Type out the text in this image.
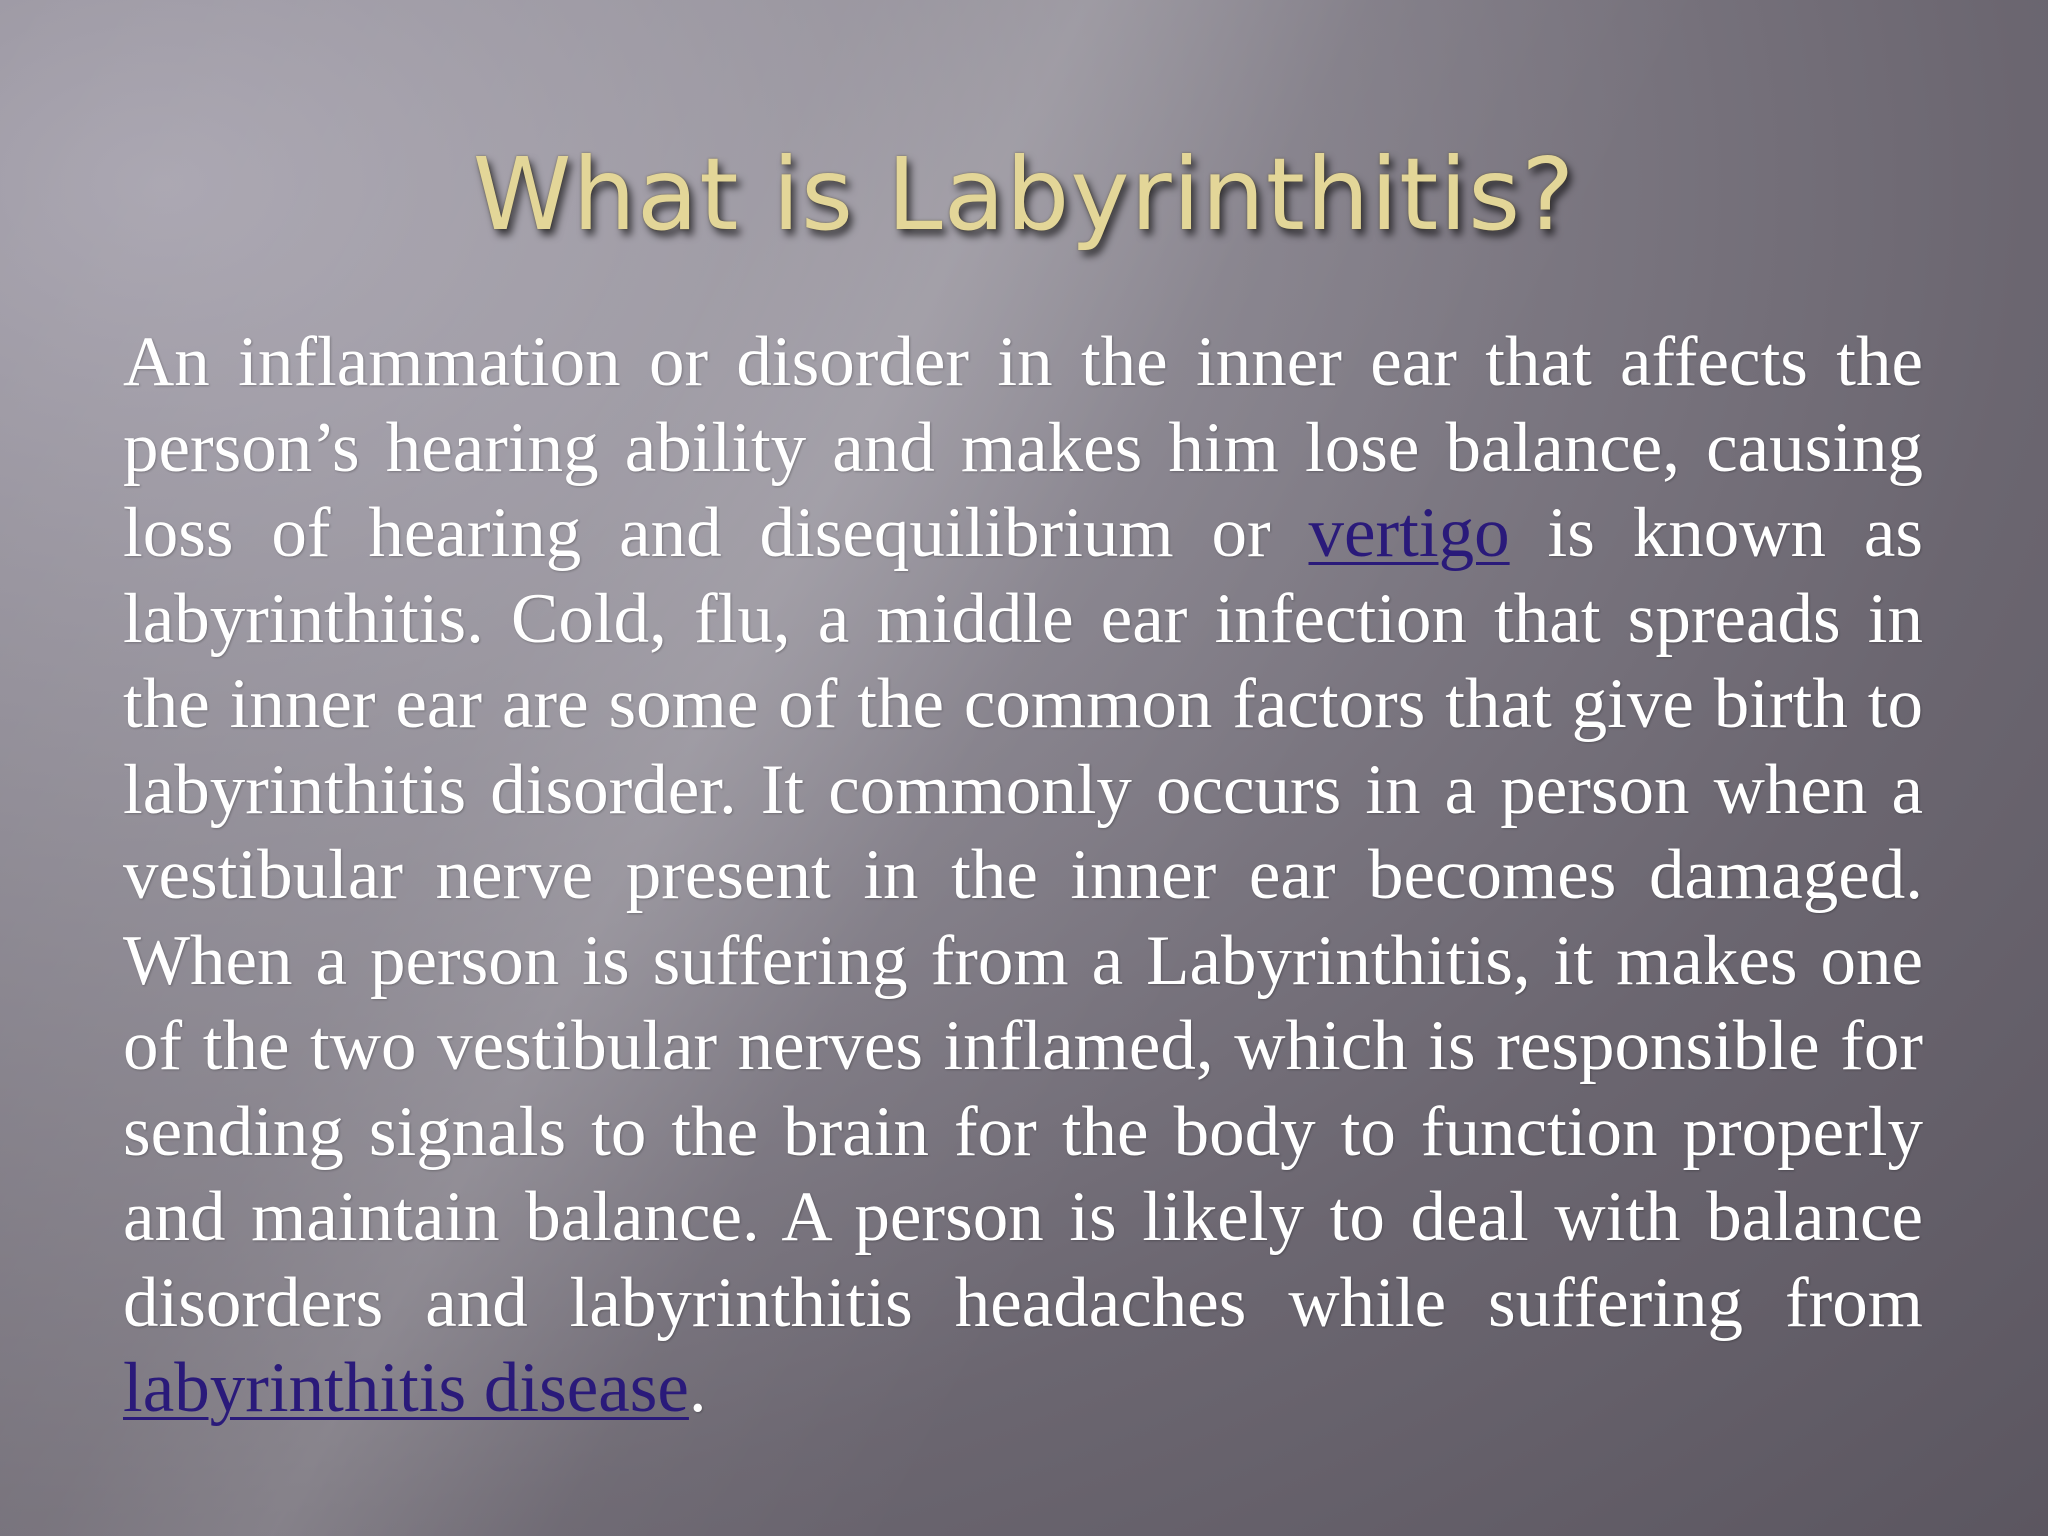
What is Labyrinthitis?
An inflammation or disorder in the inner ear that affects the person’s hearing ability and makes him lose balance, causing loss of hearing and disequilibrium or vertigo is known as labyrinthitis. Cold, flu, a middle ear infection that spreads in the inner ear are some of the common factors that give birth to labyrinthitis disorder. It commonly occurs in a person when a vestibular nerve present in the inner ear becomes damaged. When a person is suffering from a Labyrinthitis, it makes one of the two vestibular nerves inflamed, which is responsible for sending signals to the brain for the body to function properly and maintain balance. A person is likely to deal with balance disorders and labyrinthitis headaches while suffering from labyrinthitis disease.
